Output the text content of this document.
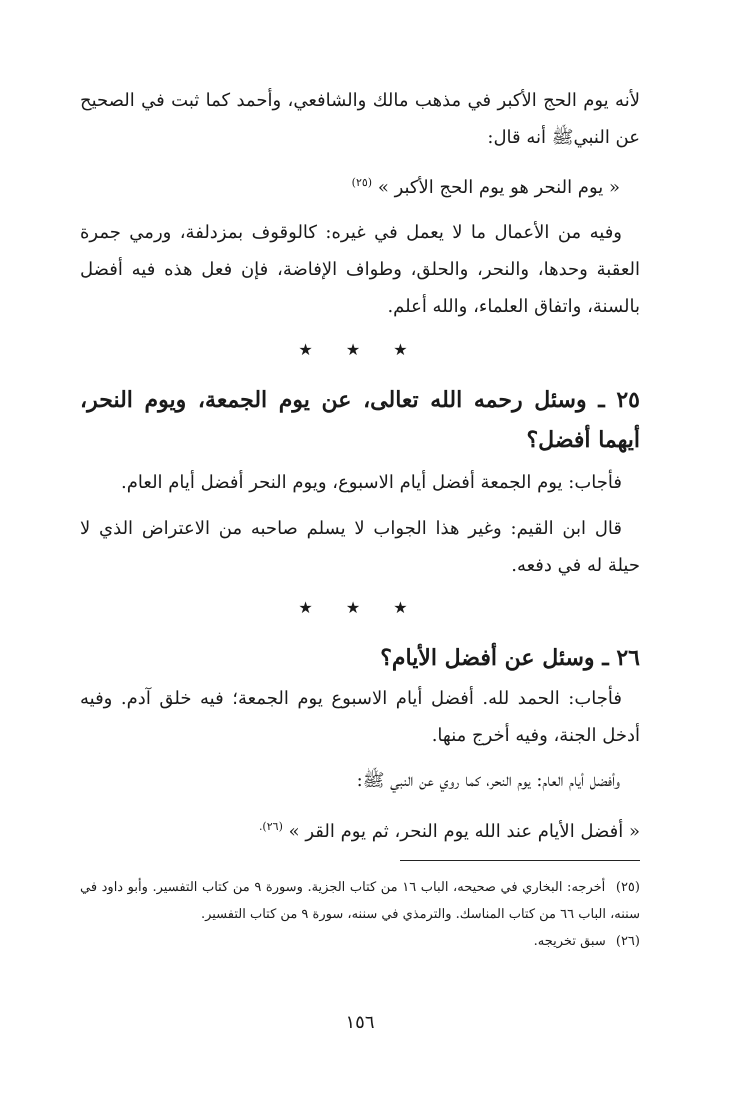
لأنه يوم الحج الأكبر في مذهب مالك والشافعي، وأحمد كما ثبت في الصحيح عن النبيﷺ أنه قال:

« يوم النحر هو يوم الحج الأكبر » $^{(٢٥)}$

وفيه من الأعمال ما لا يعمل في غيره: كالوقوف بمزدلفة، ورمي جمرة العقبة وحدها، والنحر، والحلق، وطواف الإفاضة، فإن فعل هذه فيه أفضل بالسنة، واتفاق العلماء، والله أعلم.

★ ★ ★

٢٥ ـ وسئل رحمه الله تعالى، عن يوم الجمعة، ويوم النحر، أيهما أفضل؟

فأجاب: يوم الجمعة أفضل أيام الاسبوع، ويوم النحر أفضل أيام العام.

قال ابن القيم: وغير هذا الجواب لا يسلم صاحبه من الاعتراض الذي لا حيلة له في دفعه.

★ ★ ★

٢٦ ـ وسئل عن أفضل الأيام؟

فأجاب: الحمد لله. أفضل أيام الاسبوع يوم الجمعة؛ فيه خلق آدم. وفيه أدخل الجنة، وفيه أخرج منها.

وأفضل أيام العام: يوم النحر، كما روي عن النبي ﷺ:

« أفضل الأيام عند الله يوم النحر، ثم يوم القر » $^{(٢٦).}$

(٢٥) أخرجه: البخاري في صحيحه، الباب ١٦ من كتاب الجزية. وسورة ٩ من كتاب التفسير. وأبو داود في سننه، الباب ٦٦ من كتاب المناسك. والترمذي في سننه، سورة ٩ من كتاب التفسير.

(٢٦) سبق تخريجه.

١٥٦
